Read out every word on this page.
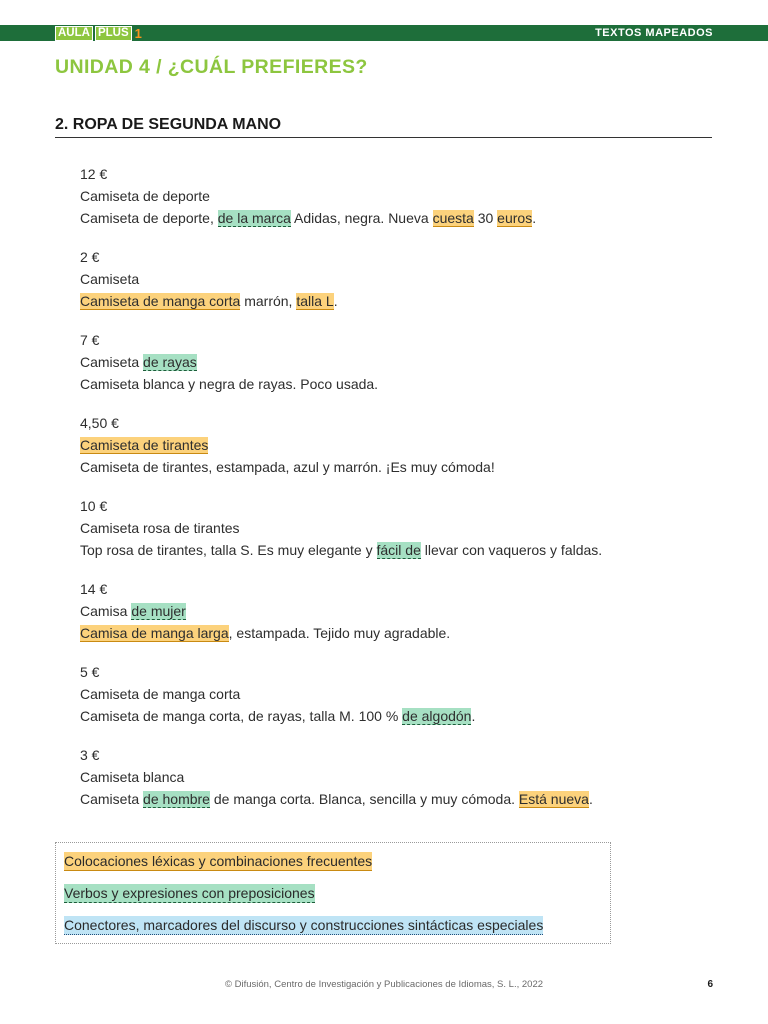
AULA PLUS 1	TEXTOS MAPEADOS
UNIDAD 4 / ¿CUÁL PREFIERES?
2. ROPA DE SEGUNDA MANO
12 €
Camiseta de deporte
Camiseta de deporte, de la marca Adidas, negra. Nueva cuesta 30 euros.
2 €
Camiseta
Camiseta de manga corta marrón, talla L.
7 €
Camiseta de rayas
Camiseta blanca y negra de rayas. Poco usada.
4,50 €
Camiseta de tirantes
Camiseta de tirantes, estampada, azul y marrón. ¡Es muy cómoda!
10 €
Camiseta rosa de tirantes
Top rosa de tirantes, talla S. Es muy elegante y fácil de llevar con vaqueros y faldas.
14 €
Camisa de mujer
Camisa de manga larga, estampada. Tejido muy agradable.
5 €
Camiseta de manga corta
Camiseta de manga corta, de rayas, talla M. 100 % de algodón.
3 €
Camiseta blanca
Camiseta de hombre de manga corta. Blanca, sencilla y muy cómoda. Está nueva.
Colocaciones léxicas y combinaciones frecuentes
Verbos y expresiones con preposiciones
Conectores, marcadores del discurso y construcciones sintácticas especiales
© Difusión, Centro de Investigación y Publicaciones de Idiomas, S. L., 2022	6
